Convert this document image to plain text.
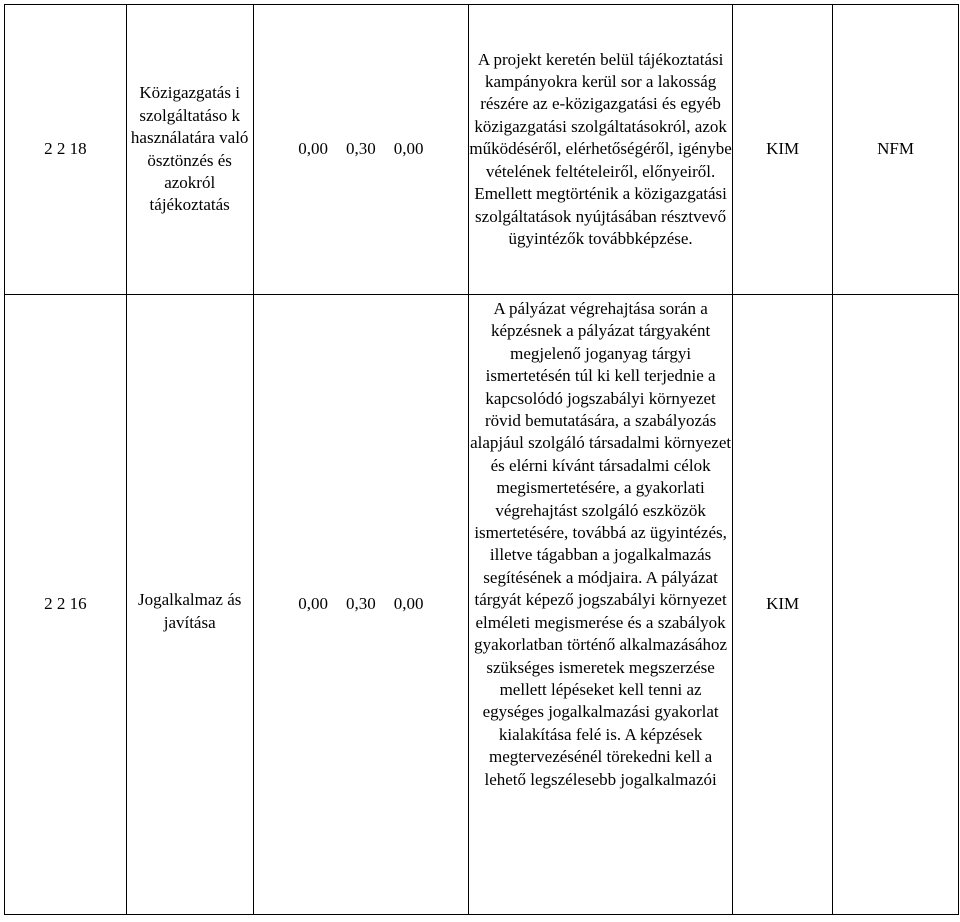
2 2 18	Közigazgatás i szolgáltatáso k használatára való ösztönzés és azokról tájékoztatás	0,00 0,30 0,00	A projekt keretén belül tájékoztatási kampányokra kerül sor a lakosság részére az e-közigazgatási és egyéb közigazgatási szolgáltatásokról, azok működéséről, elérhetőségéről, igénybe vételének feltételeiről, előnyeiről. Emellett megtörténik a közigazgatási szolgáltatások nyújtásában résztvevő ügyintézők továbbképzése.	KIM	NFM
2 2 16	Jogalkalmaz ás javítása	0,00 0,30 0,00	A pályázat végrehajtása során a képzésnek a pályázat tárgyaként megjelenő joganyag tárgyi ismertetésén túl ki kell terjednie a kapcsolódó jogszabályi környezet rövid bemutatására, a szabályozás alapjául szolgáló társadalmi környezet és elérni kívánt társadalmi célok megismertetésére, a gyakorlati végrehajtást szolgáló eszközök ismertetésére, továbbá az ügyintézés, illetve tágabban a jogalkalmazás segítésének a módjaira. A pályázat tárgyát képező jogszabályi környezet elméleti megismerése és a szabályok gyakorlatban történő alkalmazásához szükséges ismeretek megszerzése mellett lépéseket kell tenni az egységes jogalkalmazási gyakorlat kialakítása felé is. A képzések megtervezésénél törekedni kell a lehető legszélesebb jogalkalmazói	KIM	
